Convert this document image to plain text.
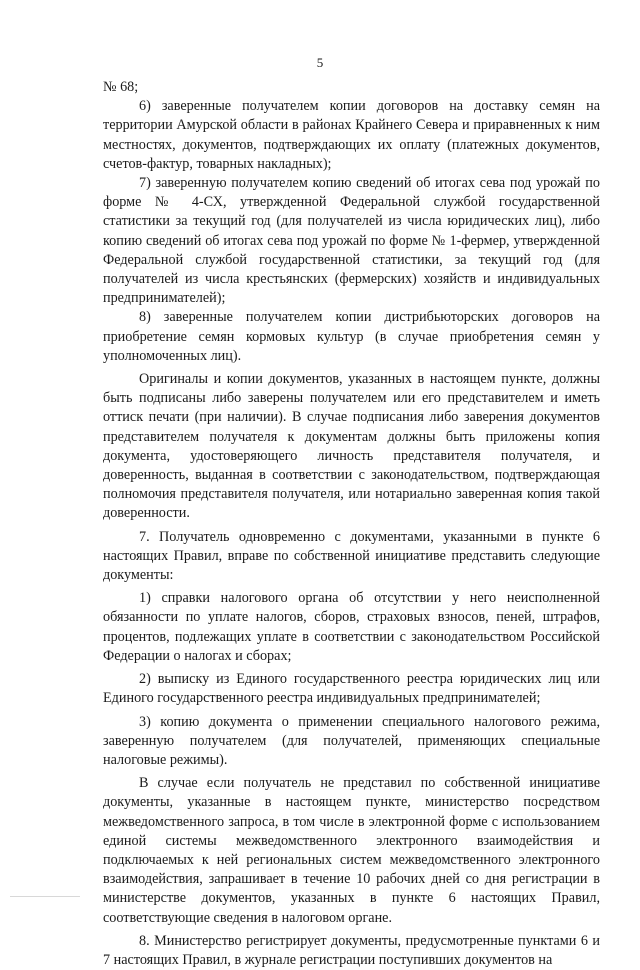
5

№ 68;

6) заверенные получателем копии договоров на доставку семян на территории Амурской области в районах Крайнего Севера и приравненных к ним местностях, документов, подтверждающих их оплату (платежных документов, счетов-фактур, товарных накладных);

7) заверенную получателем копию сведений об итогах сева под урожай по форме № 4-СХ, утвержденной Федеральной службой государственной статистики за текущий год (для получателей из числа юридических лиц), либо копию сведений об итогах сева под урожай по форме № 1-фермер, утвержденной Федеральной службой государственной статистики, за текущий год (для получателей из числа крестьянских (фермерских) хозяйств и индивидуальных предпринимателей);

8) заверенные получателем копии дистрибьюторских договоров на приобретение семян кормовых культур (в случае приобретения семян у уполномоченных лиц).

Оригиналы и копии документов, указанных в настоящем пункте, должны быть подписаны либо заверены получателем или его представителем и иметь оттиск печати (при наличии). В случае подписания либо заверения документов представителем получателя к документам должны быть приложены копия документа, удостоверяющего личность представителя получателя, и доверенность, выданная в соответствии с законодательством, подтверждающая полномочия представителя получателя, или нотариально заверенная копия такой доверенности.

7. Получатель одновременно с документами, указанными в пункте 6 настоящих Правил, вправе по собственной инициативе представить следующие документы:

1) справки налогового органа об отсутствии у него неисполненной обязанности по уплате налогов, сборов, страховых взносов, пеней, штрафов, процентов, подлежащих уплате в соответствии с законодательством Российской Федерации о налогах и сборах;

2) выписку из Единого государственного реестра юридических лиц или Единого государственного реестра индивидуальных предпринимателей;

3) копию документа о применении специального налогового режима, заверенную получателем (для получателей, применяющих специальные налоговые режимы).

В случае если получатель не представил по собственной инициативе документы, указанные в настоящем пункте, министерство посредством межведомственного запроса, в том числе в электронной форме с использованием единой системы межведомственного электронного взаимодействия и подключаемых к ней региональных систем межведомственного электронного взаимодействия, запрашивает в течение 10 рабочих дней со дня регистрации в министерстве документов, указанных в пункте 6 настоящих Правил, соответствующие сведения в налоговом органе.

8. Министерство регистрирует документы, предусмотренные пунктами 6 и 7 настоящих Правил, в журнале регистрации поступивших документов на
